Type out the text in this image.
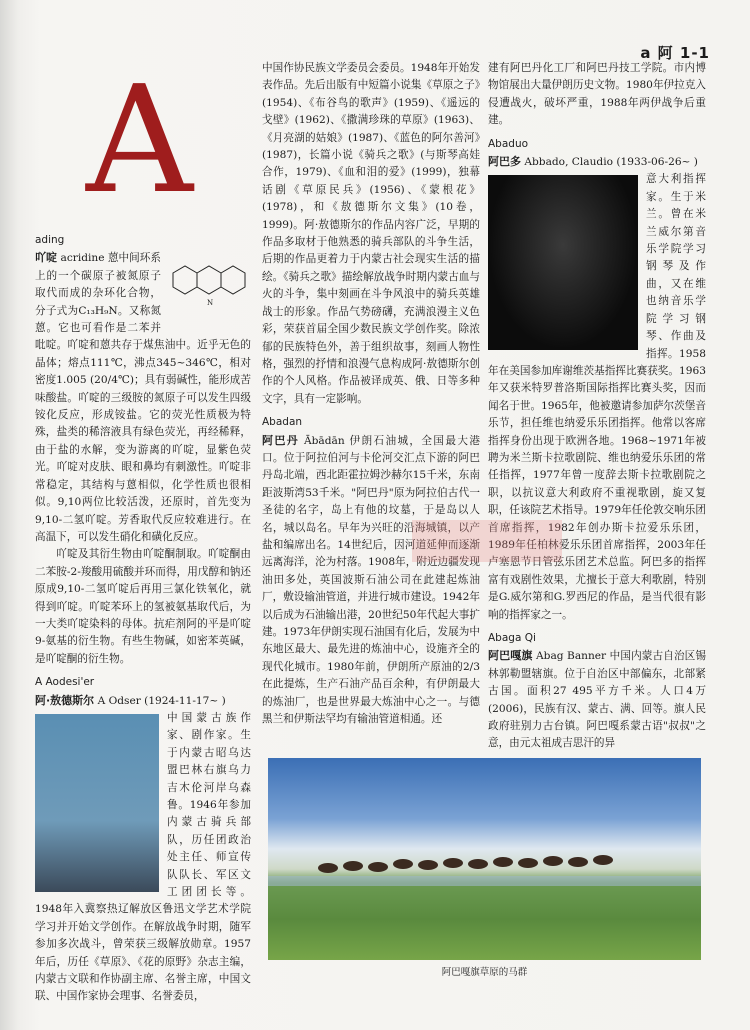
a 阿 1-1
A
ading
N

吖啶 acridine 蒽中间环系上的一个碳原子被氮原子取代而成的杂环化合物，分子式为C₁₃H₉N。又称氮蒽。它也可看作是二苯并吡啶。吖啶和蒽共存于煤焦油中。近乎无色的晶体；熔点111℃，沸点345~346℃，相对密度1.005 (20/4℃)；具有弱碱性，能形成苦味酸盐。吖啶的三级胺的氮原子可以发生四级铵化反应，形成铵盐。它的荧光性质极为特殊，盐类的稀溶液具有绿色荧光，再经稀释，由于盐的水解，变为游离的吖啶，显紫色荧光。吖啶对皮肤、眼和鼻均有刺激性。吖啶非常稳定，其结构与蒽相似，化学性质也很相似。9,10两位比较活泼，还原时，首先变为9,10-二氢吖啶。芳香取代反应较难进行。在高温下，可以发生硝化和磺化反应。

吖啶及其衍生物由吖啶酮制取。吖啶酮由二苯胺-2-羧酸用硫酸并环而得，用戊醇和钠还原成9,10-二氢吖啶后再用三氯化铁氧化，就得到吖啶。吖啶苯环上的氢被氨基取代后，为一大类吖啶染料的母体。抗疟剂阿的平是吖啶9-氨基的衍生物。有些生物碱，如密苯英碱，是吖啶酮的衍生物。

A Aodesi'er

阿·敖德斯尔 A Odser (1924-11-17~ )

中国蒙古族作家、剧作家。生于内蒙古昭乌达盟巴林右旗乌力吉木伦河岸乌森鲁。1946年参加内蒙古骑兵部队，历任团政治处主任、师宣传队队长、军区文工团团长等。1948年入冀察热辽解放区鲁迅文学艺术学院学习并开始文学创作。在解放战争时期，随军参加多次战斗，曾荣获三级解放勋章。1957年后，历任《草原》、《花的原野》杂志主编，内蒙古文联和作协副主席、名誉主席，中国文联、中国作家协会理事、名誉委员，

中国作协民族文学委员会委员。1948年开始发表作品。先后出版有中短篇小说集《草原之子》(1954)、《布谷鸟的歌声》(1959)、《遥远的戈壁》(1962)、《撒满珍珠的草原》(1963)、《月亮湖的姑娘》(1987)、《蓝色的阿尔善河》(1987)，长篇小说《骑兵之歌》(与斯琴高娃合作，1979)、《血和泪的爱》(1999)，独幕话剧《草原民兵》(1956)、《蒙根花》(1978)，和《敖德斯尔文集》(10卷，1999)。阿·敖德斯尔的作品内容广泛，早期的作品多取材于他熟悉的骑兵部队的斗争生活，后期的作品更着力于内蒙古社会现实生活的描绘。《骑兵之歌》描绘解放战争时期内蒙古血与火的斗争，集中刻画在斗争风浪中的骑兵英雄战士的形象。作品气势磅礴，充满浪漫主义色彩，荣获首届全国少数民族文学创作奖。除浓郁的民族特色外，善于组织故事，刻画人物性格，强烈的抒情和浪漫气息构成阿·敖德斯尔创作的个人风格。作品被译成英、俄、日等多种文字，具有一定影响。

Abadan

阿巴丹 Ābādān 伊朗石油城，全国最大港口。位于阿拉伯河与卡伦河交汇点下游的阿巴丹岛北端，西北距霍拉姆沙赫尔15千米，东南距波斯湾53千米。"阿巴丹"原为阿拉伯古代一圣徒的名字，岛上有他的坟墓，于是岛以人名，城以岛名。早年为兴旺的沿海城镇，以产盐和编席出名。14世纪后，因河道延伸而逐渐远离海洋，沦为村落。1908年，附近边疆发现油田多处，英国波斯石油公司在此建起炼油厂，敷设输油管道，并进行城市建设。1942年以后成为石油输出港，20世纪50年代起大事扩建。1973年伊朗实现石油国有化后，发展为中东地区最大、最先进的炼油中心，设施齐全的现代化城市。1980年前，伊朗所产原油的2/3在此提炼，生产石油产品百余种，有伊朗最大的炼油厂，也是世界最大炼油中心之一。与德黑兰和伊斯法罕均有输油管道相通。还

建有阿巴丹化工厂和阿巴丹技工学院。市内博物馆展出大量伊朗历史文物。1980年伊拉克入侵遭战火，破坏严重，1988年两伊战争后重建。

Abaduo

阿巴多 Abbado, Claudio (1933-06-26~ )

意大利指挥家。生于米兰。曾在米兰威尔第音乐学院学习钢琴及作曲，又在维也纳音乐学院学习钢琴、作曲及指挥。1958年在美国参加库谢维茨基指挥比赛获奖。1963年又获米特罗普洛斯国际指挥比赛头奖，因而闻名于世。1965年，他被邀请参加萨尔茨堡音乐节，担任维也纳爱乐乐团指挥。他常以客席指挥身份出现于欧洲各地。1968~1971年被聘为米兰斯卡拉歌剧院、维也纳爱乐乐团的常任指挥，1977年曾一度辞去斯卡拉歌剧院之职，以抗议意大利政府不重视歌剧，旋又复职，任该院艺术指导。1979年任伦敦交响乐团首席指挥，1982年创办斯卡拉爱乐乐团，1989年任柏林爱乐乐团首席指挥，2003年任卢塞恩节日管弦乐团艺术总监。阿巴多的指挥富有戏剧性效果，尤擅长于意大利歌剧，特别是G.威尔第和G.罗西尼的作品，是当代很有影响的指挥家之一。

Abaga Qi

阿巴嘎旗 Abag Banner 中国内蒙古自治区锡林郭勒盟辖旗。位于自治区中部偏东，北部紧古国。面积27 495平方千米。人口4万(2006)，民族有汉、蒙古、满、回等。旗人民政府驻别力古台镇。阿巴嘎系蒙古语"叔叔"之意，由元太祖成吉思汗的异

阿巴嘎旗草原的马群
